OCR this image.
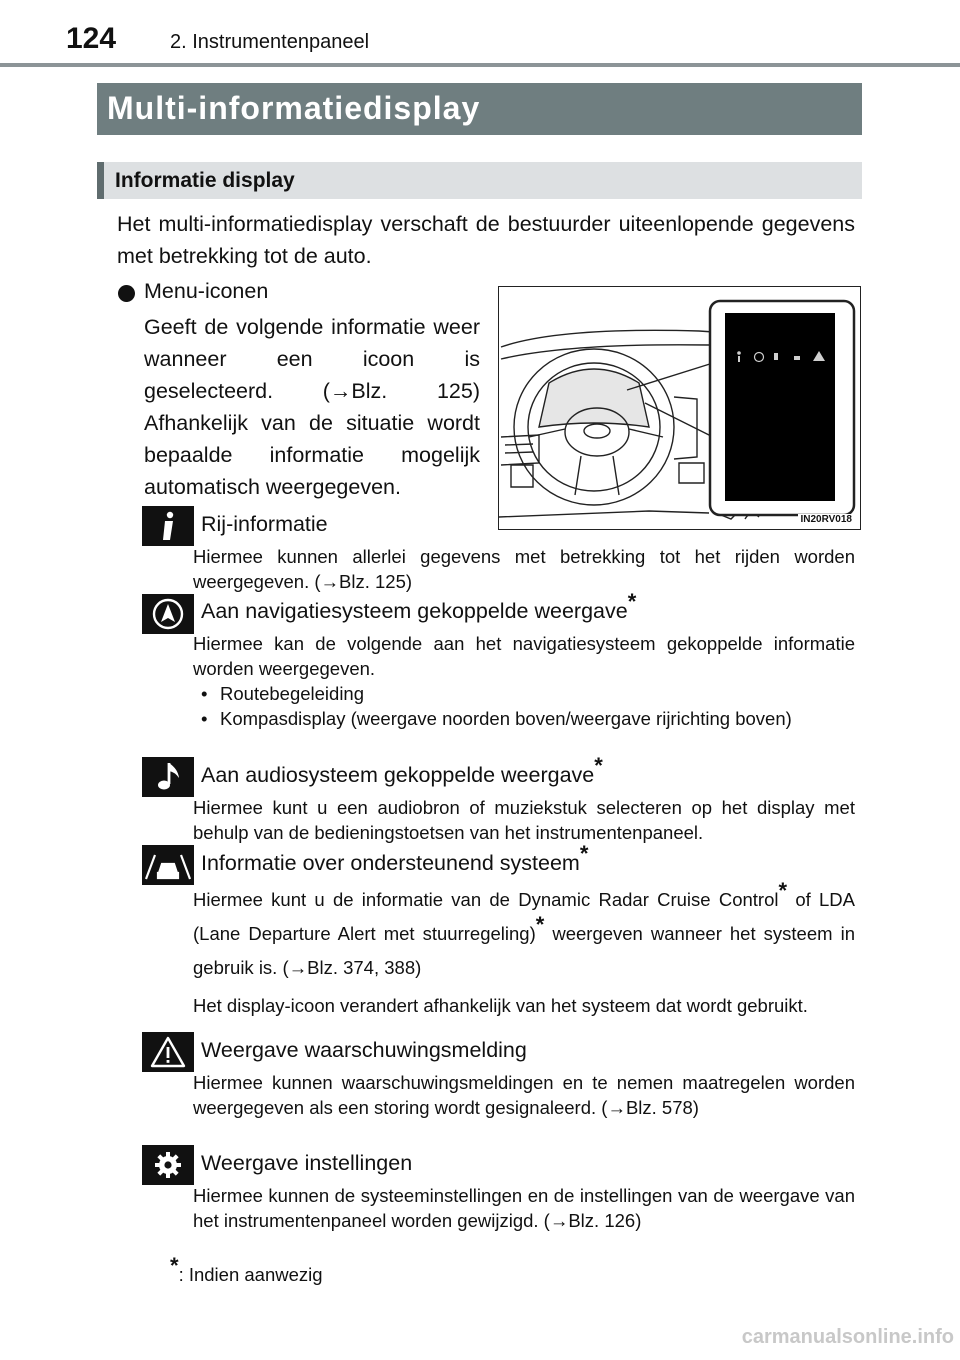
124	2. Instrumentenpaneel
Multi-informatiedisplay
Informatie display
Het multi-informatiedisplay verschaft de bestuurder uiteenlopende gegevens met betrekking tot de auto.
Menu-iconen
Geeft de volgende informatie weer wanneer een icoon is geselecteerd. (→Blz. 125) Afhankelijk van de situatie wordt bepaalde informatie mogelijk automatisch weergegeven.
IN20RV018
Rij-informatie

Hiermee kunnen allerlei gegevens met betrekking tot het rijden worden weergegeven. (→Blz. 125)

Aan navigatiesysteem gekoppelde weergave*

Hiermee kan de volgende aan het navigatiesysteem gekoppelde informatie worden weergegeven.

• Routebegeleiding
• Kompasdisplay (weergave noorden boven/weergave rijrichting boven)
Aan audiosysteem gekoppelde weergave*

Hiermee kunt u een audiobron of muziekstuk selecteren op het display met behulp van de bedieningstoetsen van het instrumentenpaneel.

Informatie over ondersteunend systeem*

Hiermee kunt u de informatie van de Dynamic Radar Cruise Control* of LDA (Lane Departure Alert met stuurregeling)* weergeven wanneer het systeem in gebruik is. (→Blz. 374, 388)

Het display-icoon verandert afhankelijk van het systeem dat wordt gebruikt.

Weergave waarschuwingsmelding

Hiermee kunnen waarschuwingsmeldingen en te nemen maatregelen worden weergegeven als een storing wordt gesignaleerd. (→Blz. 578)

Weergave instellingen

Hiermee kunnen de systeeminstellingen en de instellingen van de weergave van het instrumentenpaneel worden gewijzigd. (→Blz. 126)

*: Indien aanwezig
carmanualsonline.info
